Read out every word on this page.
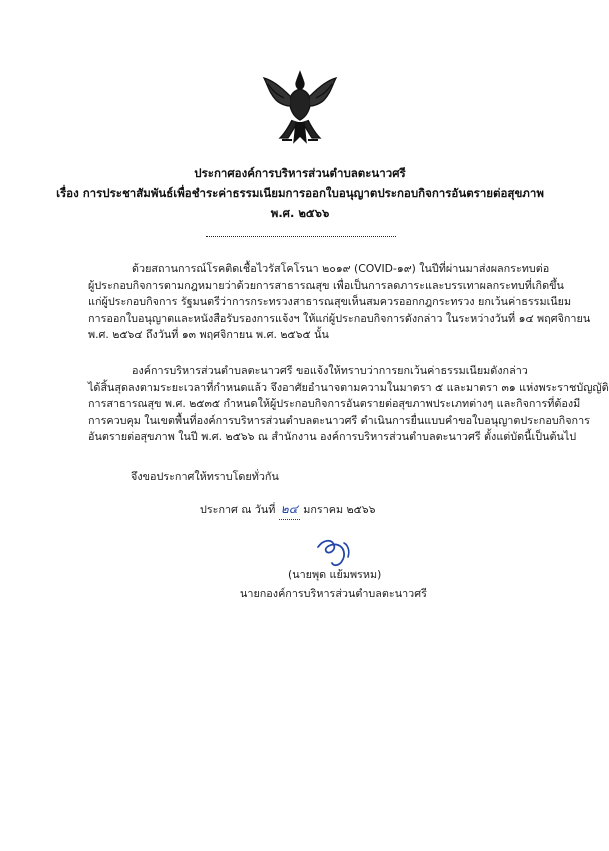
ประกาศองค์การบริหารส่วนตำบลตะนาวศรี
เรื่อง การประชาสัมพันธ์เพื่อชำระค่าธรรมเนียมการออกใบอนุญาตประกอบกิจการอันตรายต่อสุขภาพ
พ.ศ. ๒๕๖๖
ด้วยสถานการณ์โรคติดเชื้อไวรัสโคโรนา ๒๐๑๙ (COVID-๑๙) ในปีที่ผ่านมาส่งผลกระทบต่อ
ผู้ประกอบกิจการตามกฎหมายว่าด้วยการสาธารณสุข เพื่อเป็นการลดภาระและบรรเทาผลกระทบที่เกิดขึ้น
แก่ผู้ประกอบกิจการ รัฐมนตรีว่าการกระทรวงสาธารณสุขเห็นสมควรออกกฎกระทรวง ยกเว้นค่าธรรมเนียม
การออกใบอนุญาตและหนังสือรับรองการแจ้งฯ ให้แก่ผู้ประกอบกิจการดังกล่าว ในระหว่างวันที่ ๑๔ พฤศจิกายน
พ.ศ. ๒๕๖๔ ถึงวันที่ ๑๓ พฤศจิกายน พ.ศ. ๒๕๖๕ นั้น
องค์การบริหารส่วนตำบลตะนาวศรี ขอแจ้งให้ทราบว่าการยกเว้นค่าธรรมเนียมดังกล่าว
ได้สิ้นสุดลงตามระยะเวลาที่กำหนดแล้ว จึงอาศัยอำนาจตามความในมาตรา ๕ และมาตรา ๓๑ แห่งพระราชบัญญัติ
การสาธารณสุข พ.ศ. ๒๕๓๕ กำหนดให้ผู้ประกอบกิจการอันตรายต่อสุขภาพประเภทต่างๆ และกิจการที่ต้องมี
การควบคุม ในเขตพื้นที่องค์การบริหารส่วนตำบลตะนาวศรี ดำเนินการยื่นแบบคำขอใบอนุญาตประกอบกิจการ
อันตรายต่อสุขภาพ ในปี พ.ศ. ๒๕๖๖ ณ สำนักงาน องค์การบริหารส่วนตำบลตะนาวศรี ตั้งแต่บัดนี้เป็นต้นไป
จึงขอประกาศให้ทราบโดยทั่วกัน
ประกาศ ณ วันที่ ๒๔ มกราคม ๒๕๖๖
(นายพุด แย้มพรหม)
นายกองค์การบริหารส่วนตำบลตะนาวศรี
